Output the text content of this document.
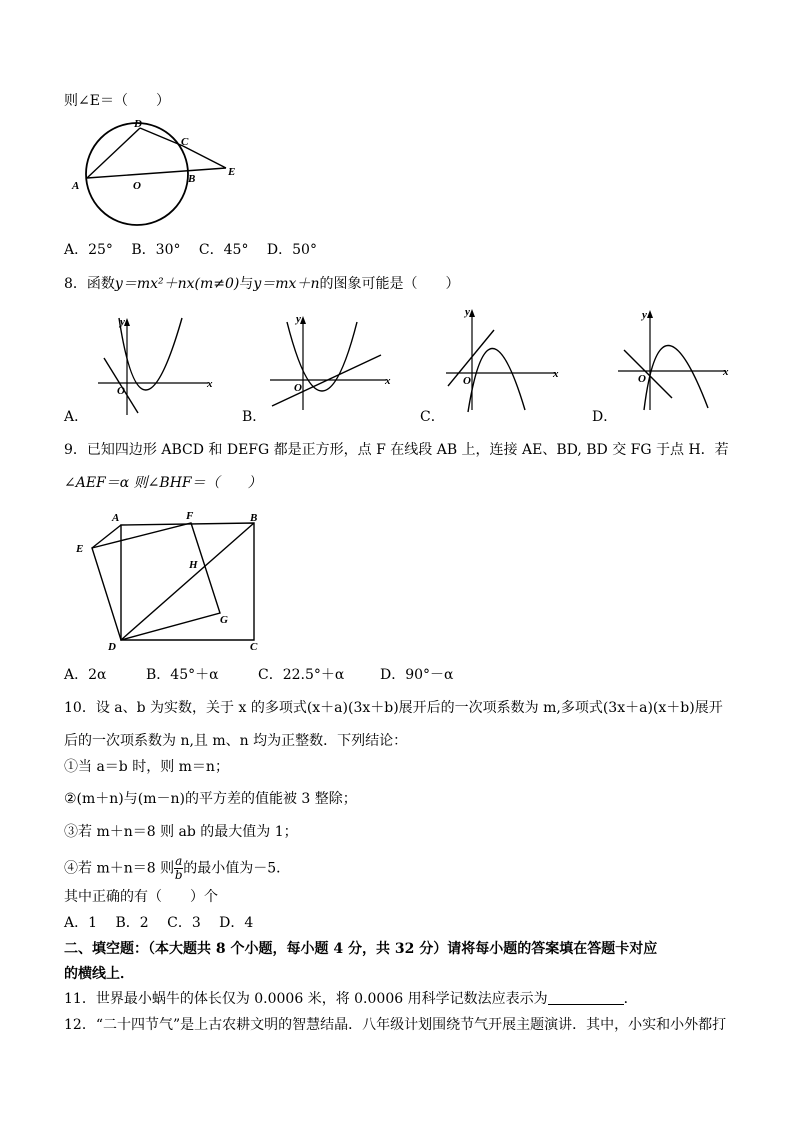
则∠E＝（　　）
D
C
A	O
B
E
A．25°　 B．30°　 C．45°　 D．50°
8．函数y＝mx²＋nx(m≠0)与y＝mx＋n的图象可能是（　　）
y
x
O
y
x
O
y
x
O
y
x
O
A．	B．	C．	D．
9．已知四边形 ABCD 和 DEFG 都是正方形，点 F 在线段 AB 上，连接 AE、BD, BD 交 FG 于点 H．若
∠AEF＝α 则∠BHF＝（　　）
A	F	B
E
H
G
D	C
A．2α	B．45°＋α	C．22.5°＋α	D．90°－α
10．设 a、b 为实数，关于 x 的多项式(x＋a)(3x＋b)展开后的一次项系数为 m,多项式(3x＋a)(x＋b)展开
后的一次项系数为 n,且 m、n 均为正整数．下列结论：
①当 a＝b 时，则 m＝n；
②(m＋n)与(m－n)的平方差的值能被 3 整除；
③若 m＋n＝8 则 ab 的最大值为 1；
④若 m＋n＝8 则 $\frac{a}{b}$ 的最小值为－5．
其中正确的有（　　）个
A．1　 B．2　 C．3　 D．4
二、填空题：（本大题共 8 个小题，每小题 4 分，共 32 分）请将每小题的答案填在答题卡对应
的横线上．
11．世界最小蜗牛的体长仅为 0.0006 米，将 0.0006 用科学记数法应表示为	．
12．“二十四节气”是上古农耕文明的智慧结晶．八年级计划围绕节气开展主题演讲．其中，小实和小外都打
